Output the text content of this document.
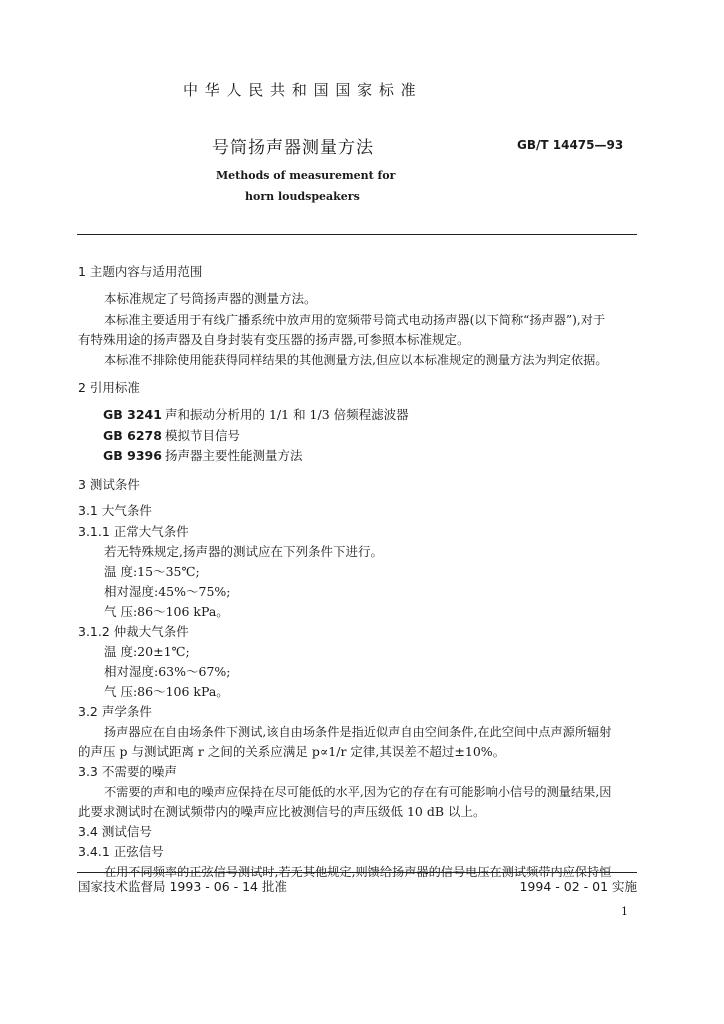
中 华 人 民 共 和 国 国 家 标 准
号筒扬声器测量方法	GB/T 14475—93
Methods of measurement for
horn loudspeakers
1 主题内容与适用范围
本标准规定了号筒扬声器的测量方法。
本标准主要适用于有线广播系统中放声用的宽频带号筒式电动扬声器(以下简称“扬声器”),对于
有特殊用途的扬声器及自身封装有变压器的扬声器,可参照本标准规定。
本标准不排除使用能获得同样结果的其他测量方法,但应以本标准规定的测量方法为判定依据。
2 引用标准
GB 3241 声和振动分析用的 1/1 和 1/3 倍频程滤波器
GB 6278 模拟节目信号
GB 9396 扬声器主要性能测量方法
3 测试条件
3.1 大气条件
3.1.1 正常大气条件
若无特殊规定,扬声器的测试应在下列条件下进行。
温 度:15～35℃;
相对湿度:45%～75%;
气 压:86～106 kPa。
3.1.2 仲裁大气条件
温 度:20±1℃;
相对湿度:63%～67%;
气 压:86～106 kPa。
3.2 声学条件
扬声器应在自由场条件下测试,该自由场条件是指近似声自由空间条件,在此空间中点声源所辐射
的声压 p 与测试距离 r 之间的关系应满足 p∝1/r 定律,其误差不超过±10%。
3.3 不需要的噪声
不需要的声和电的噪声应保持在尽可能低的水平,因为它的存在有可能影响小信号的测量结果,因
此要求测试时在测试频带内的噪声应比被测信号的声压级低 10 dB 以上。
3.4 测试信号
3.4.1 正弦信号
在用不同频率的正弦信号测试时,若无其他规定,则馈给扬声器的信号电压在测试频带内应保持恒
国家技术监督局 1993 - 06 - 14 批准	1994 - 02 - 01 实施
1
